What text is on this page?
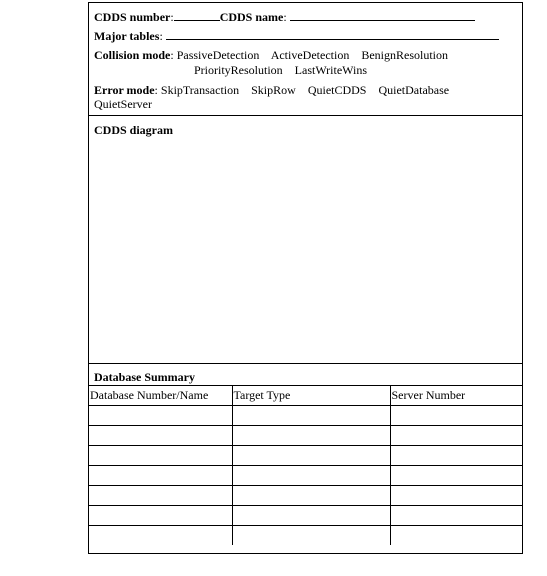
CDDS number:	CDDS name:
Major tables:
Collision mode: PassiveDetection ActiveDetection BenignResolution
PriorityResolution LastWriteWins
Error mode: SkipTransaction SkipRow QuietCDDS QuietDatabase
QuietServer
CDDS diagram
Database Summary
Database Number/Name	Target Type	Server Number
